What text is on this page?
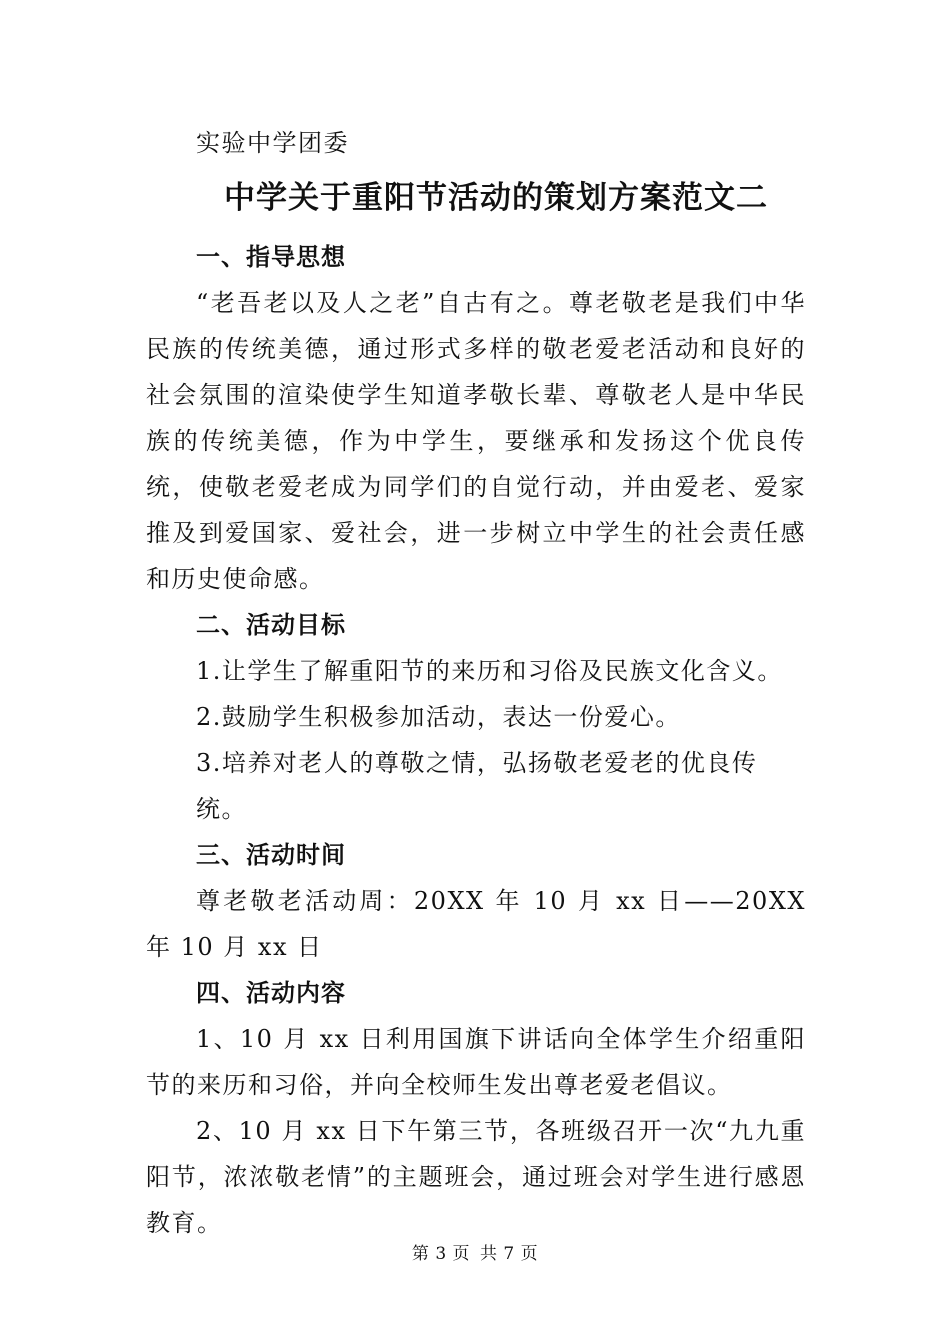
实验中学团委

中学关于重阳节活动的策划方案范文二
一、指导思想

“老吾老以及人之老”自古有之。尊老敬老是我们中华民族的传统美德，通过形式多样的敬老爱老活动和良好的社会氛围的渲染使学生知道孝敬长辈、尊敬老人是中华民族的传统美德，作为中学生，要继承和发扬这个优良传统，使敬老爱老成为同学们的自觉行动，并由爱老、爱家推及到爱国家、爱社会，进一步树立中学生的社会责任感和历史使命感。

二、活动目标

1.让学生了解重阳节的来历和习俗及民族文化含义。

2.鼓励学生积极参加活动，表达一份爱心。

3.培养对老人的尊敬之情，弘扬敬老爱老的优良传统。

三、活动时间

尊老敬老活动周：20XX 年 10 月 xx 日——20XX 年 10 月 xx 日

四、活动内容

1、10 月 xx 日利用国旗下讲话向全体学生介绍重阳节的来历和习俗，并向全校师生发出尊老爱老倡议。

2、10 月 xx 日下午第三节，各班级召开一次“九九重阳节，浓浓敬老情”的主题班会，通过班会对学生进行感恩教育。

第 3 页 共 7 页
